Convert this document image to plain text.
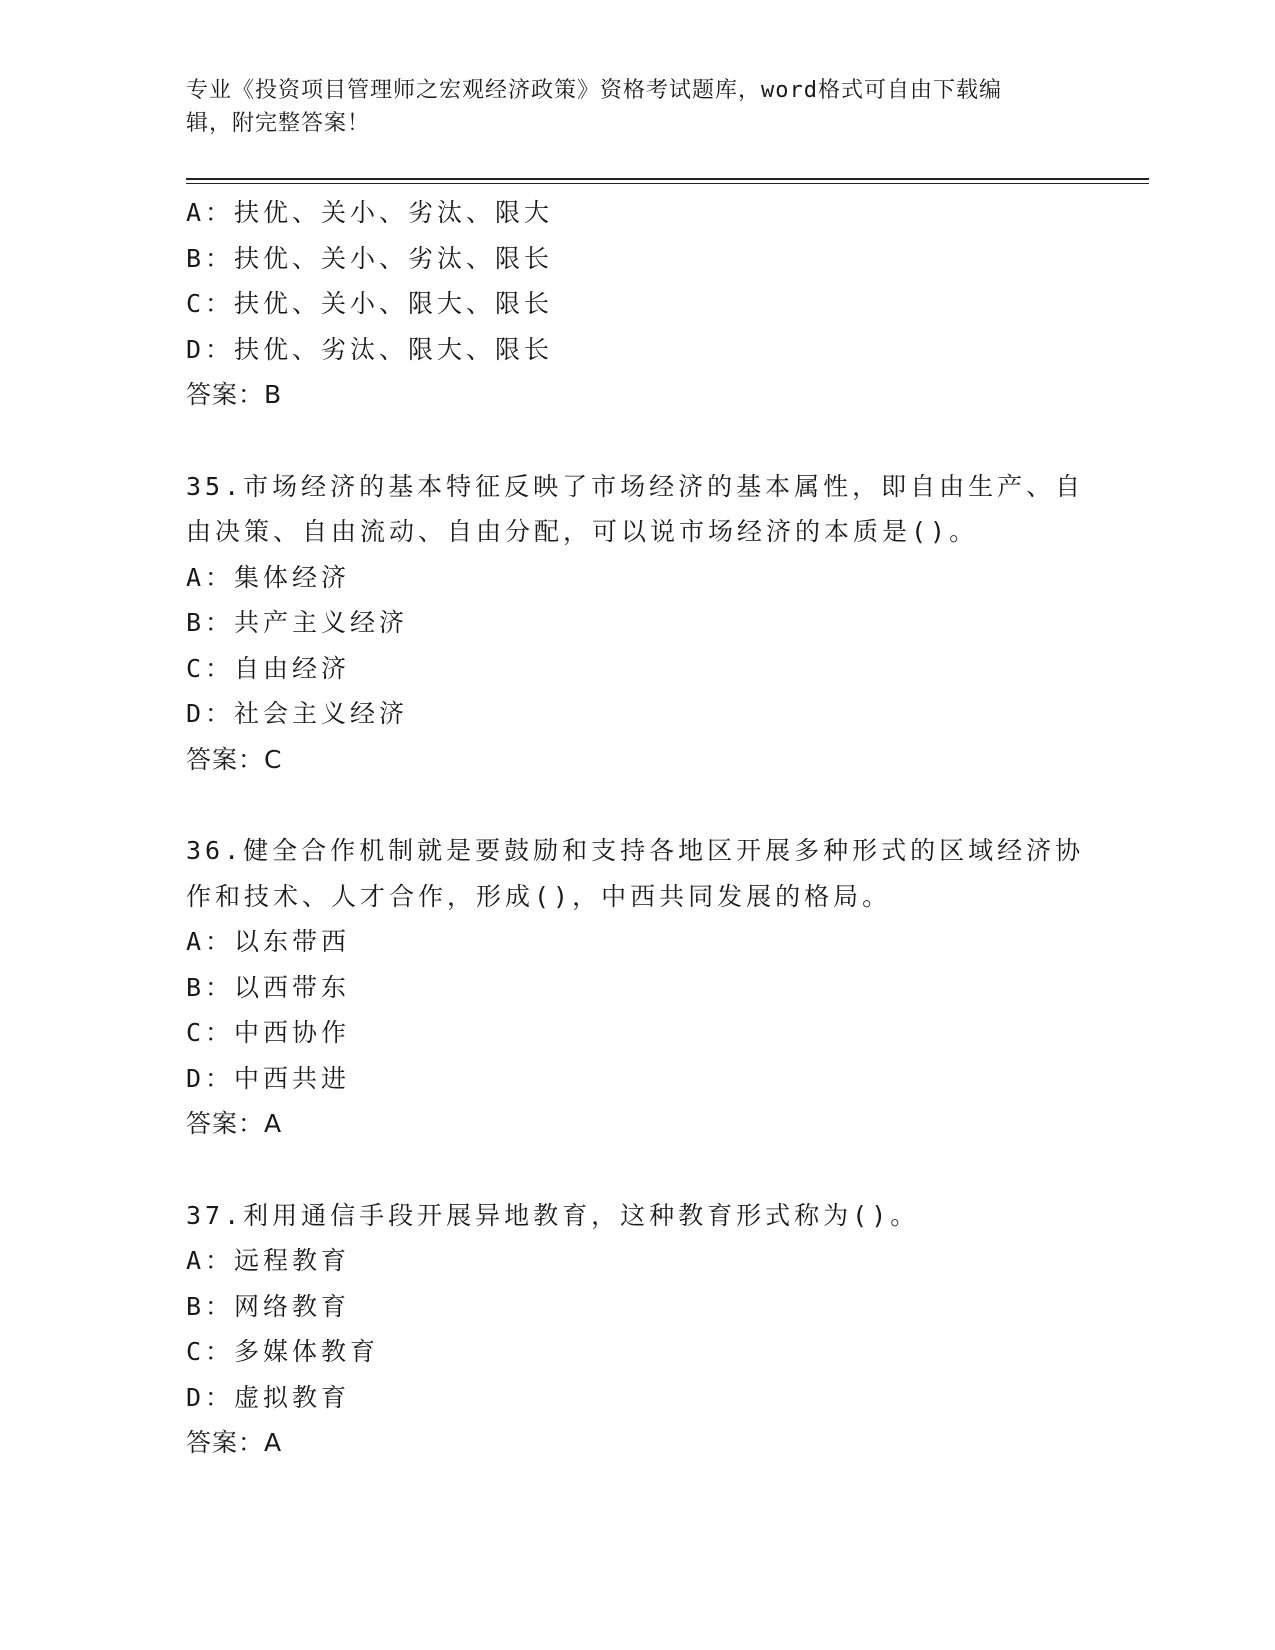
专业《投资项目管理师之宏观经济政策》资格考试题库，word格式可自由下载编
辑，附完整答案！
A：扶优、关小、劣汰、限大
B：扶优、关小、劣汰、限长
C：扶优、关小、限大、限长
D：扶优、劣汰、限大、限长
答案：B
35.市场经济的基本特征反映了市场经济的基本属性，即自由生产、自
由决策、自由流动、自由分配，可以说市场经济的本质是()。
A：集体经济
B：共产主义经济
C：自由经济
D：社会主义经济
答案：C
36.健全合作机制就是要鼓励和支持各地区开展多种形式的区域经济协
作和技术、人才合作，形成()，中西共同发展的格局。
A：以东带西
B：以西带东
C：中西协作
D：中西共进
答案：A
37.利用通信手段开展异地教育，这种教育形式称为()。
A：远程教育
B：网络教育
C：多媒体教育
D：虚拟教育
答案：A
